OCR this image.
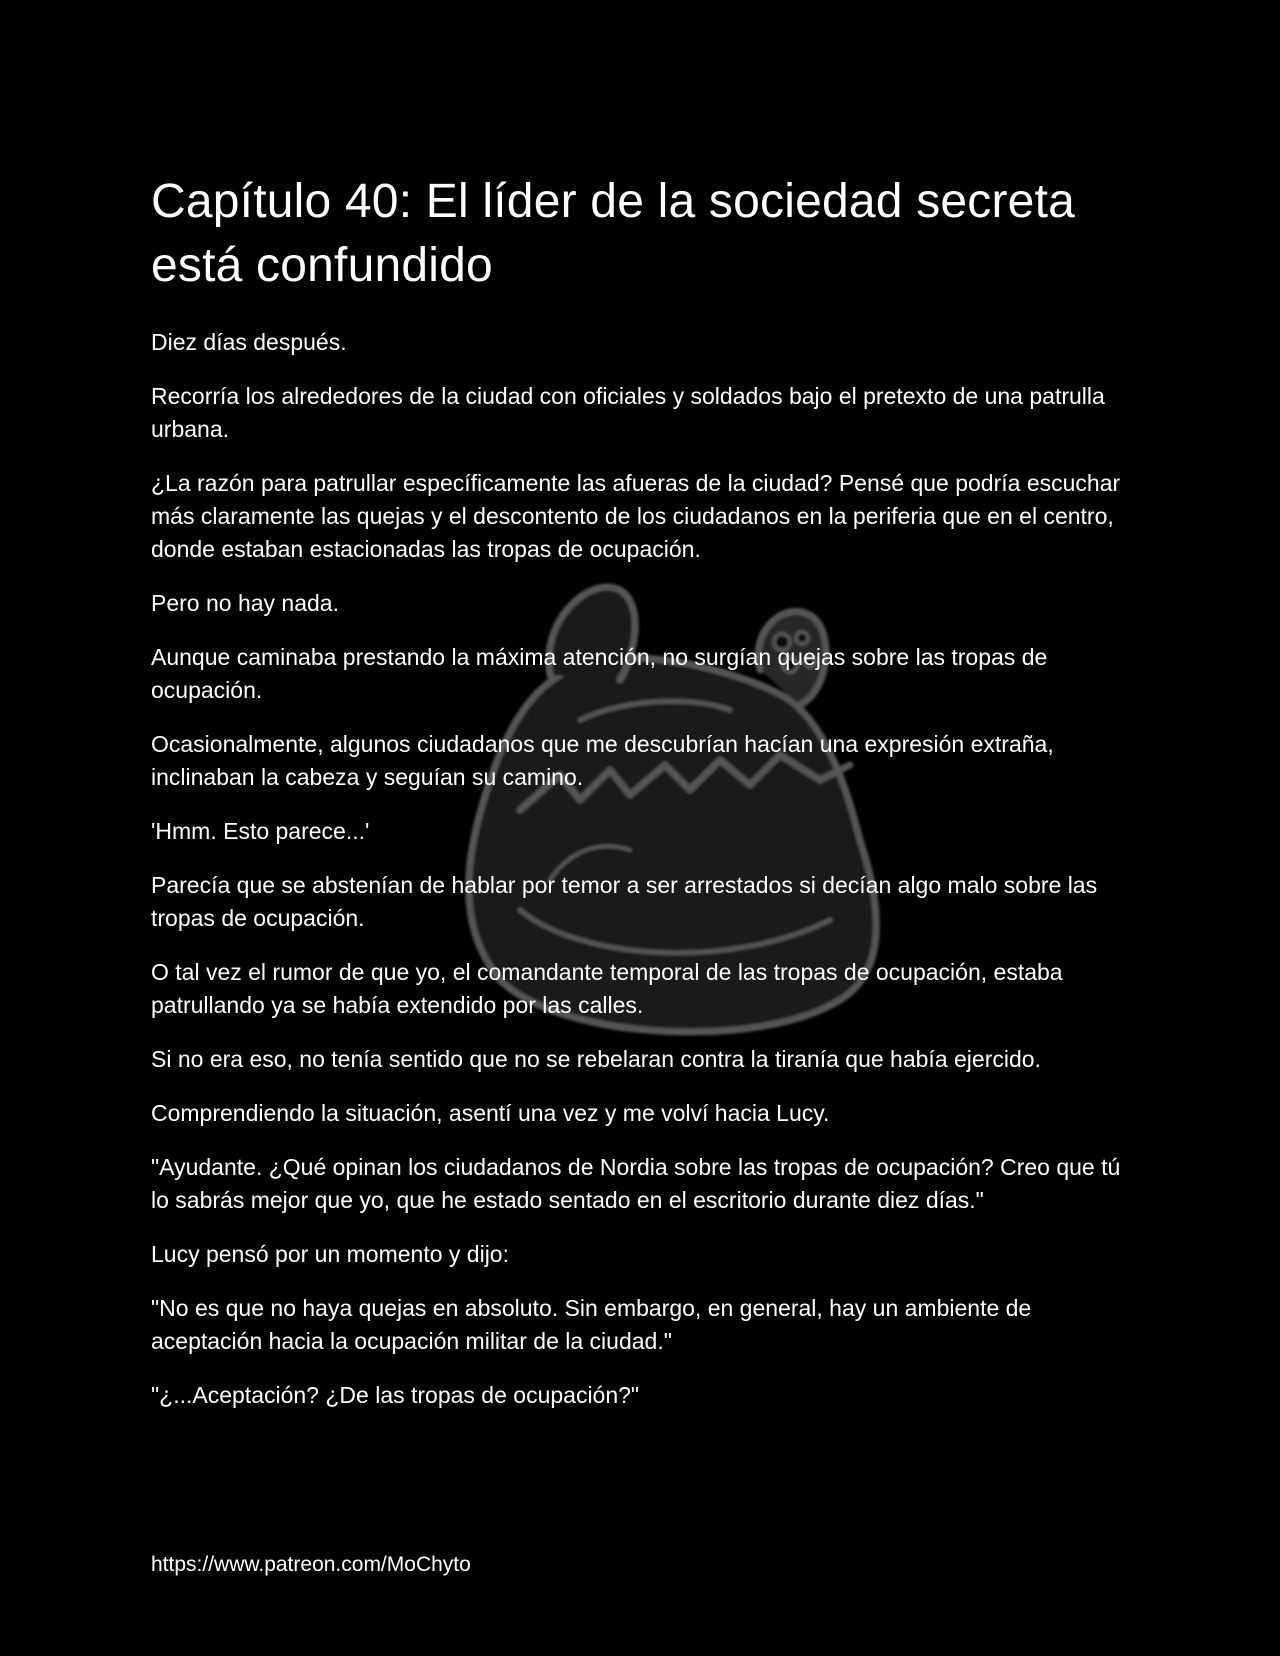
Capítulo 40: El líder de la sociedad secreta está confundido

Diez días después.

Recorría los alrededores de la ciudad con oficiales y soldados bajo el pretexto de una patrulla urbana.

¿La razón para patrullar específicamente las afueras de la ciudad? Pensé que podría escuchar más claramente las quejas y el descontento de los ciudadanos en la periferia que en el centro, donde estaban estacionadas las tropas de ocupación.

Pero no hay nada.

Aunque caminaba prestando la máxima atención, no surgían quejas sobre las tropas de ocupación.

Ocasionalmente, algunos ciudadanos que me descubrían hacían una expresión extraña, inclinaban la cabeza y seguían su camino.

'Hmm. Esto parece...'

Parecía que se abstenían de hablar por temor a ser arrestados si decían algo malo sobre las tropas de ocupación.

O tal vez el rumor de que yo, el comandante temporal de las tropas de ocupación, estaba patrullando ya se había extendido por las calles.

Si no era eso, no tenía sentido que no se rebelaran contra la tiranía que había ejercido.

Comprendiendo la situación, asentí una vez y me volví hacia Lucy.

"Ayudante. ¿Qué opinan los ciudadanos de Nordia sobre las tropas de ocupación? Creo que tú lo sabrás mejor que yo, que he estado sentado en el escritorio durante diez días."

Lucy pensó por un momento y dijo:

"No es que no haya quejas en absoluto. Sin embargo, en general, hay un ambiente de aceptación hacia la ocupación militar de la ciudad."

"¿...Aceptación? ¿De las tropas de ocupación?"

https://www.patreon.com/MoChyto
